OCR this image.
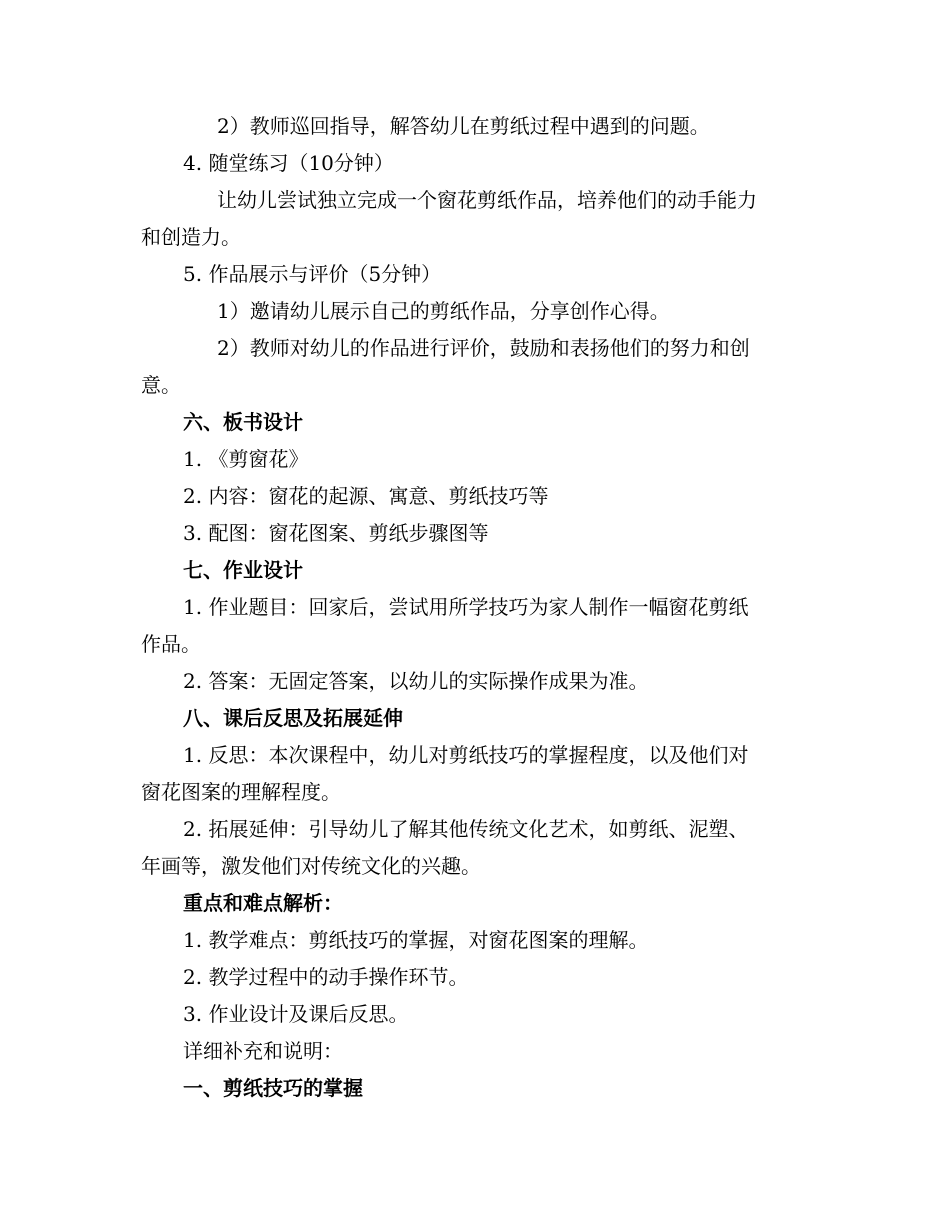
2）教师巡回指导，解答幼儿在剪纸过程中遇到的问题。
4. 随堂练习（10分钟）
让幼儿尝试独立完成一个窗花剪纸作品，培养他们的动手能力
和创造力。
5. 作品展示与评价（5分钟）
1）邀请幼儿展示自己的剪纸作品，分享创作心得。
2）教师对幼儿的作品进行评价，鼓励和表扬他们的努力和创
意。
六、板书设计
1. 《剪窗花》
2. 内容：窗花的起源、寓意、剪纸技巧等
3. 配图：窗花图案、剪纸步骤图等
七、作业设计
1. 作业题目：回家后，尝试用所学技巧为家人制作一幅窗花剪纸
作品。
2. 答案：无固定答案，以幼儿的实际操作成果为准。
八、课后反思及拓展延伸
1. 反思：本次课程中，幼儿对剪纸技巧的掌握程度，以及他们对
窗花图案的理解程度。
2. 拓展延伸：引导幼儿了解其他传统文化艺术，如剪纸、泥塑、
年画等，激发他们对传统文化的兴趣。
重点和难点解析：
1. 教学难点：剪纸技巧的掌握，对窗花图案的理解。
2. 教学过程中的动手操作环节。
3. 作业设计及课后反思。
详细补充和说明：
一、剪纸技巧的掌握
